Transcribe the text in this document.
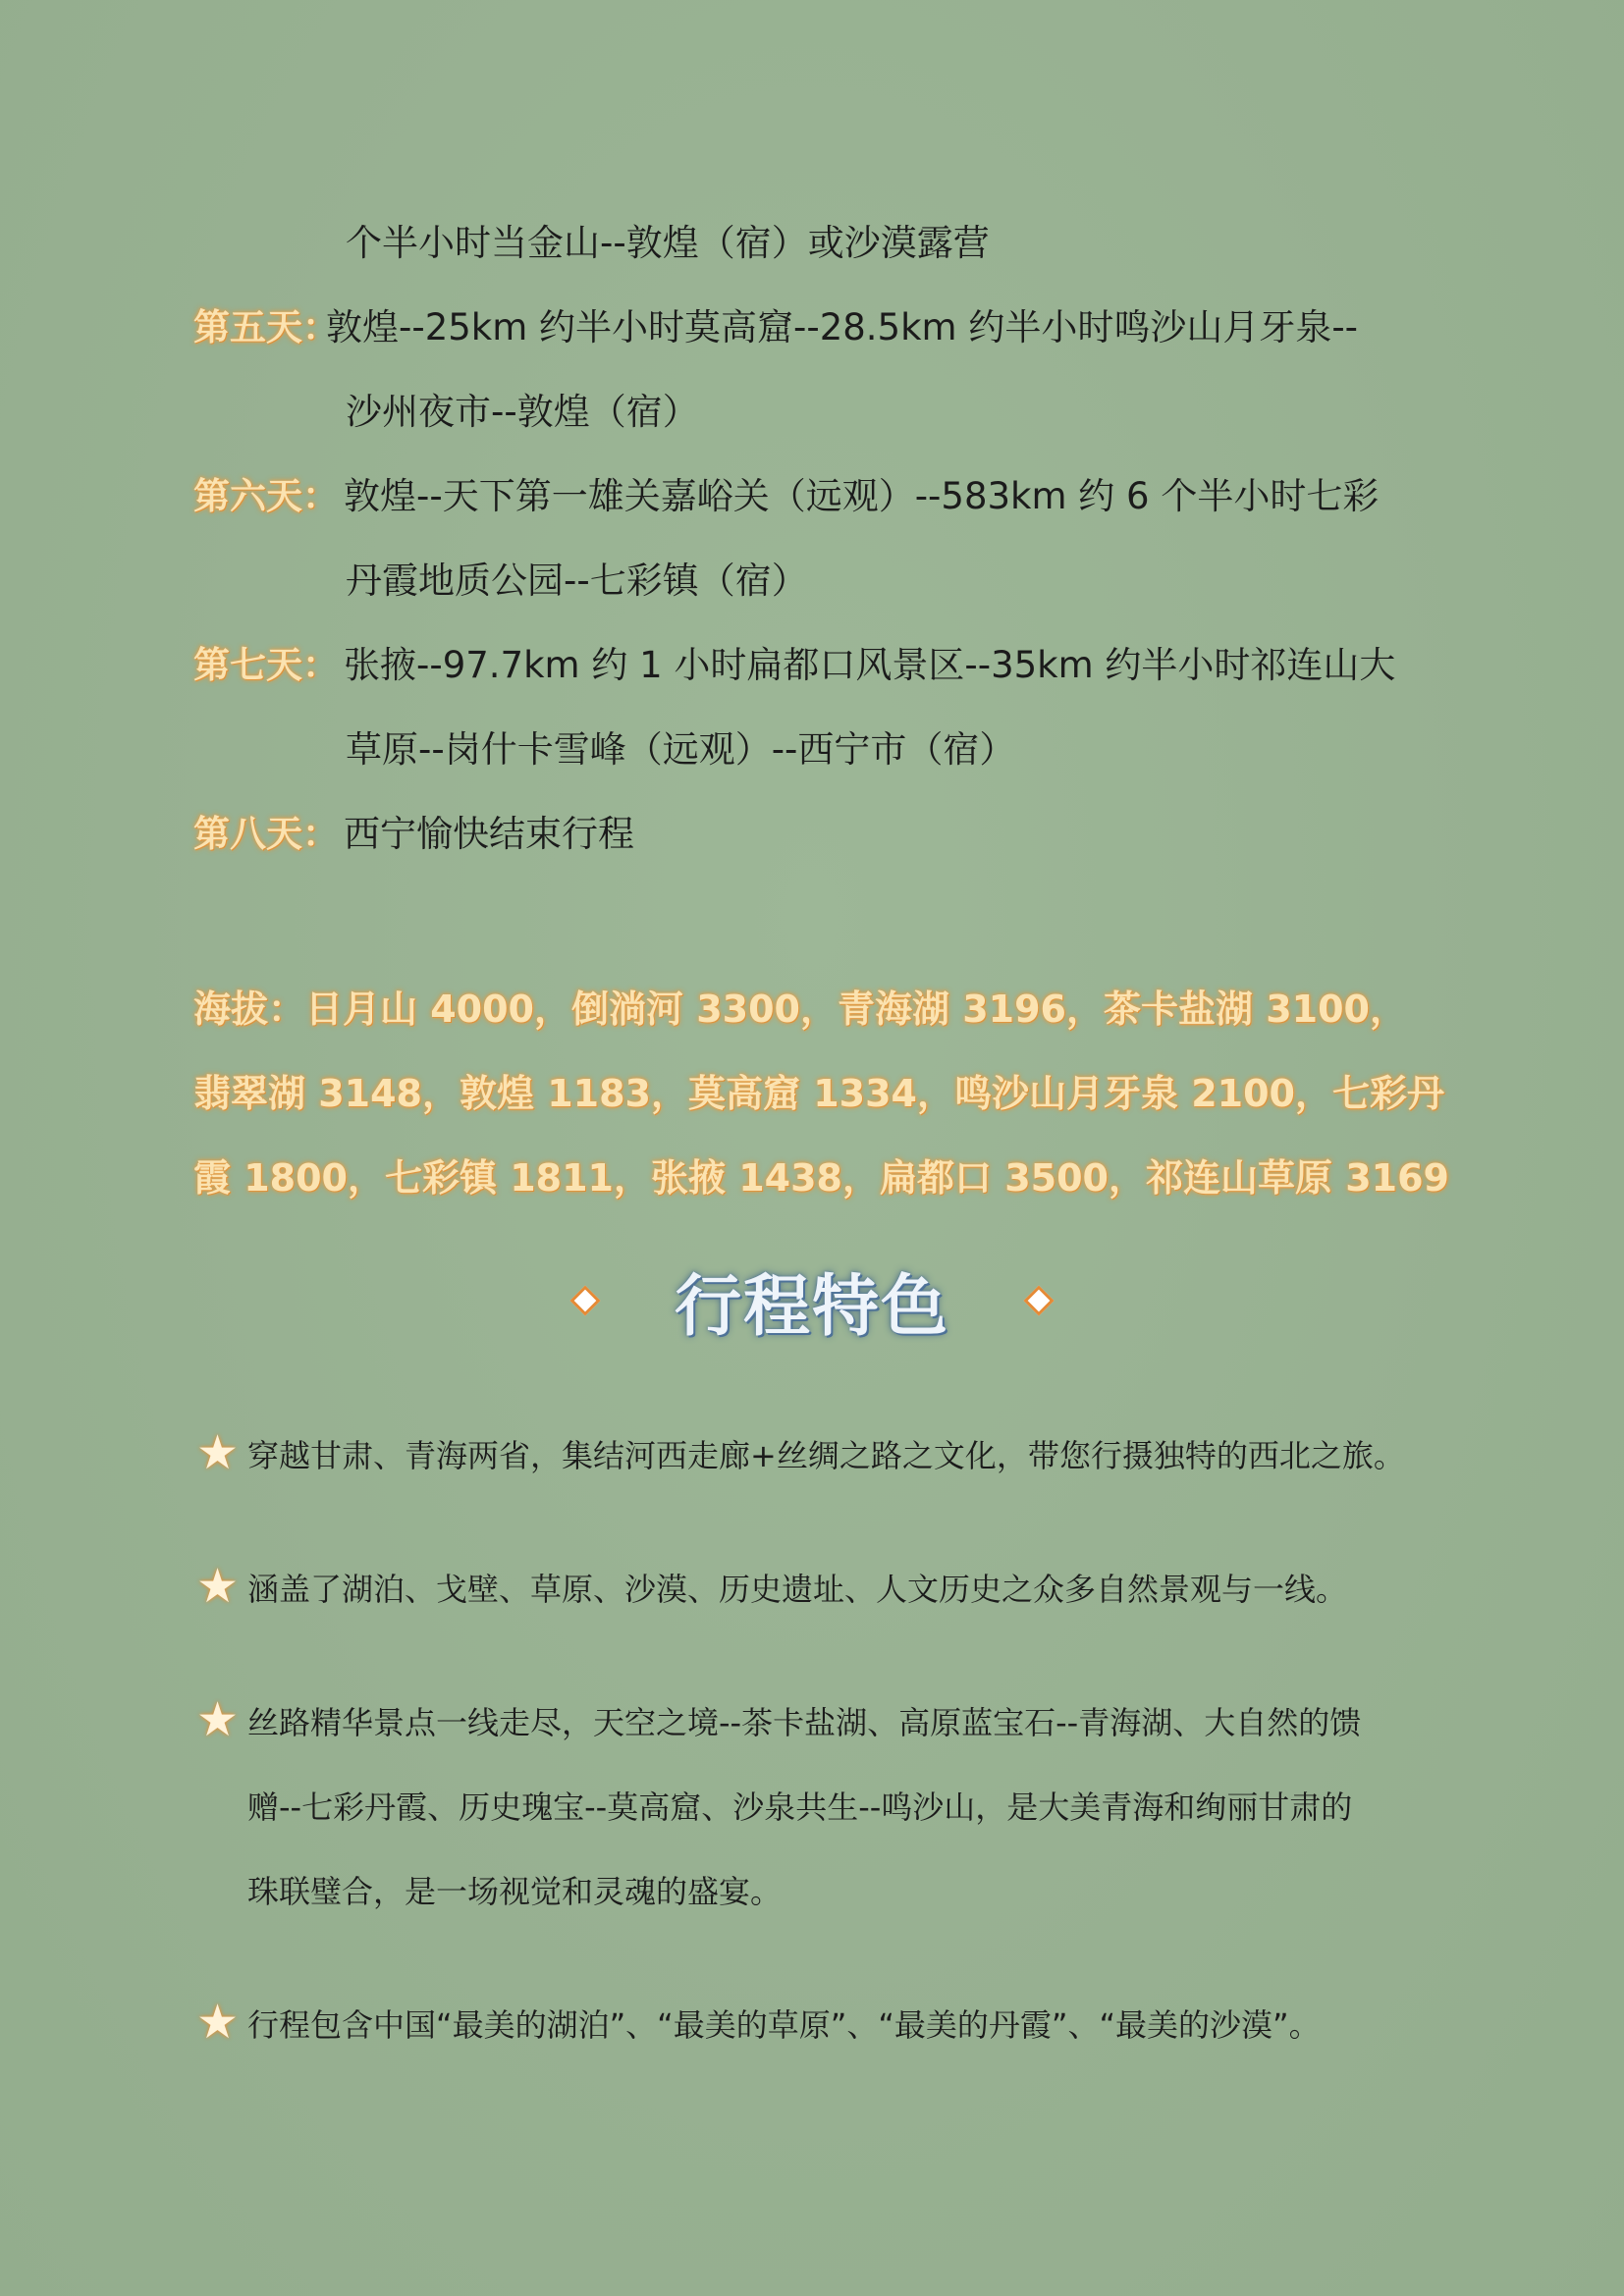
个半小时当金山--敦煌（宿）或沙漠露营
第五天：
敦煌--25km 约半小时莫高窟--28.5km 约半小时鸣沙山月牙泉--
沙州夜市--敦煌（宿）
第六天： 敦煌--天下第一雄关嘉峪关（远观）--583km 约 6 个半小时七彩
丹霞地质公园--七彩镇（宿）
第七天： 张掖--97.7km 约 1 小时扁都口风景区--35km 约半小时祁连山大
草原--岗什卡雪峰（远观）--西宁市（宿）
第八天： 西宁愉快结束行程
海拔：日月山 4000，倒淌河 3300，青海湖 3196，茶卡盐湖 3100，
翡翠湖 3148，敦煌 1183，莫高窟 1334，鸣沙山月牙泉 2100，七彩丹
霞 1800，七彩镇 1811，张掖 1438，扁都口 3500，祁连山草原 3169
行程特色
★ 穿越甘肃、青海两省，集结河西走廊+丝绸之路之文化，带您行摄独特的西北之旅。
★ 涵盖了湖泊、戈壁、草原、沙漠、历史遗址、人文历史之众多自然景观与一线。
★ 丝路精华景点一线走尽，天空之境--茶卡盐湖、高原蓝宝石--青海湖、大自然的馈
赠--七彩丹霞、历史瑰宝--莫高窟、沙泉共生--鸣沙山，是大美青海和绚丽甘肃的
珠联璧合，是一场视觉和灵魂的盛宴。
★ 行程包含中国“最美的湖泊”、“最美的草原”、“最美的丹霞”、“最美的沙漠”。
